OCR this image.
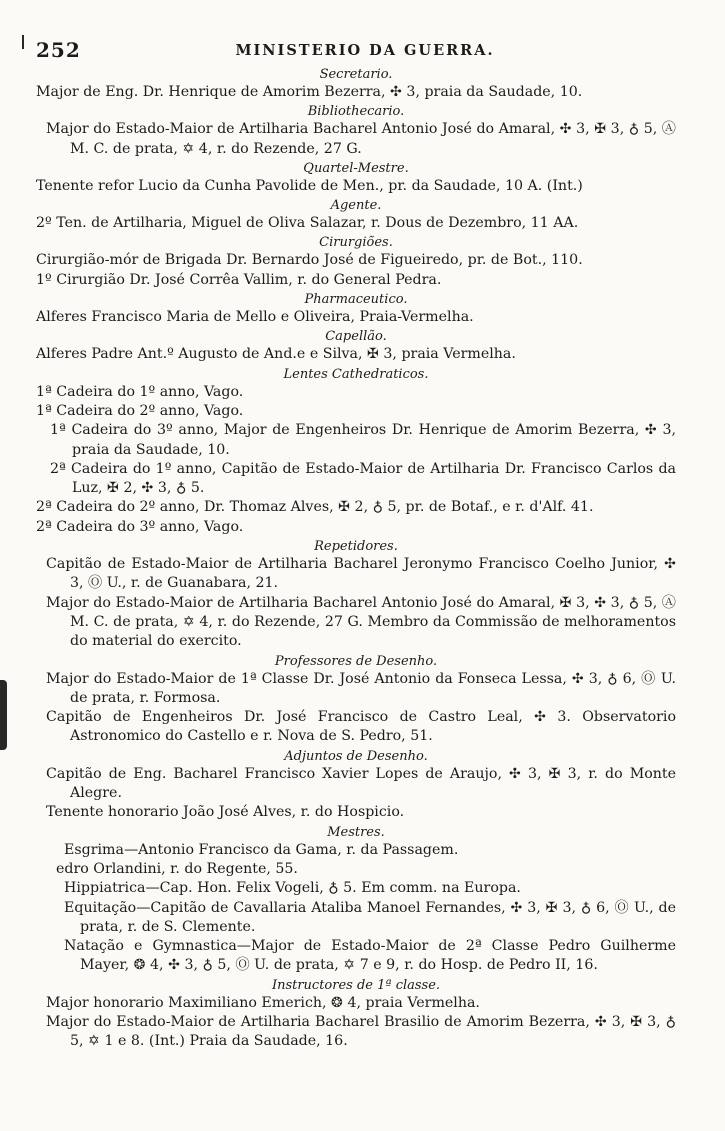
252	MINISTERIO DA GUERRA.
Secretario.

Major de Eng. Dr. Henrique de Amorim Bezerra, ✣ 3, praia da Saudade, 10.

Bibliothecario.

Major do Estado-Maior de Artilharia Bacharel Antonio José do Amaral, ✣ 3, ✠ 3, ♁ 5, Ⓐ M. C. de prata, ✡ 4, r. do Rezende, 27 G.

Quartel-Mestre.

Tenente refor Lucio da Cunha Pavolide de Men., pr. da Saudade, 10 A. (Int.)

Agente.

2º Ten. de Artilharia, Miguel de Oliva Salazar, r. Dous de Dezembro, 11 AA.

Cirurgiões.

Cirurgião-mór de Brigada Dr. Bernardo José de Figueiredo, pr. de Bot., 110.

1º Cirurgião Dr. José Corrêa Vallim, r. do General Pedra.

Pharmaceutico.

Alferes Francisco Maria de Mello e Oliveira, Praia-Vermelha.

Capellão.

Alferes Padre Ant.º Augusto de And.e e Silva, ✠ 3, praia Vermelha.

Lentes Cathedraticos.

1ª Cadeira do 1º anno, Vago.

1ª Cadeira do 2º anno, Vago.

1ª Cadeira do 3º anno, Major de Engenheiros Dr. Henrique de Amorim Bezerra, ✣ 3, praia da Saudade, 10.

2ª Cadeira do 1º anno, Capitão de Estado-Maior de Artilharia Dr. Francisco Carlos da Luz, ✠ 2, ✣ 3, ♁ 5.

2ª Cadeira do 2º anno, Dr. Thomaz Alves, ✠ 2, ♁ 5, pr. de Botaf., e r. d'Alf. 41.

2ª Cadeira do 3º anno, Vago.

Repetidores.

Capitão de Estado-Maior de Artilharia Bacharel Jeronymo Francisco Coelho Junior, ✣ 3, Ⓞ U., r. de Guanabara, 21.

Major do Estado-Maior de Artilharia Bacharel Antonio José do Amaral, ✠ 3, ✣ 3, ♁ 5, Ⓐ M. C. de prata, ✡ 4, r. do Rezende, 27 G. Membro da Commissão de melhoramentos do material do exercito.

Professores de Desenho.

Major do Estado-Maior de 1ª Classe Dr. José Antonio da Fonseca Lessa, ✣ 3, ♁ 6, Ⓞ U. de prata, r. Formosa.

Capitão de Engenheiros Dr. José Francisco de Castro Leal, ✣ 3. Observatorio Astronomico do Castello e r. Nova de S. Pedro, 51.

Adjuntos de Desenho.

Capitão de Eng. Bacharel Francisco Xavier Lopes de Araujo, ✣ 3, ✠ 3, r. do Monte Alegre.

Tenente honorario João José Alves, r. do Hospicio.

Mestres.

Esgrima—Antonio Francisco da Gama, r. da Passagem.

edro Orlandini, r. do Regente, 55.

Hippiatrica—Cap. Hon. Felix Vogeli, ♁ 5. Em comm. na Europa.

Equitação—Capitão de Cavallaria Ataliba Manoel Fernandes, ✣ 3, ✠ 3, ♁ 6, Ⓞ U., de prata, r. de S. Clemente.

Natação e Gymnastica—Major de Estado-Maior de 2ª Classe Pedro Guilherme Mayer, ❂ 4, ✣ 3, ♁ 5, Ⓞ U. de prata, ✡ 7 e 9, r. do Hosp. de Pedro II, 16.

Instructores de 1ª classe.

Major honorario Maximiliano Emerich, ❂ 4, praia Vermelha.

Major do Estado-Maior de Artilharia Bacharel Brasilio de Amorim Bezerra, ✣ 3, ✠ 3, ♁ 5, ✡ 1 e 8. (Int.) Praia da Saudade, 16.
